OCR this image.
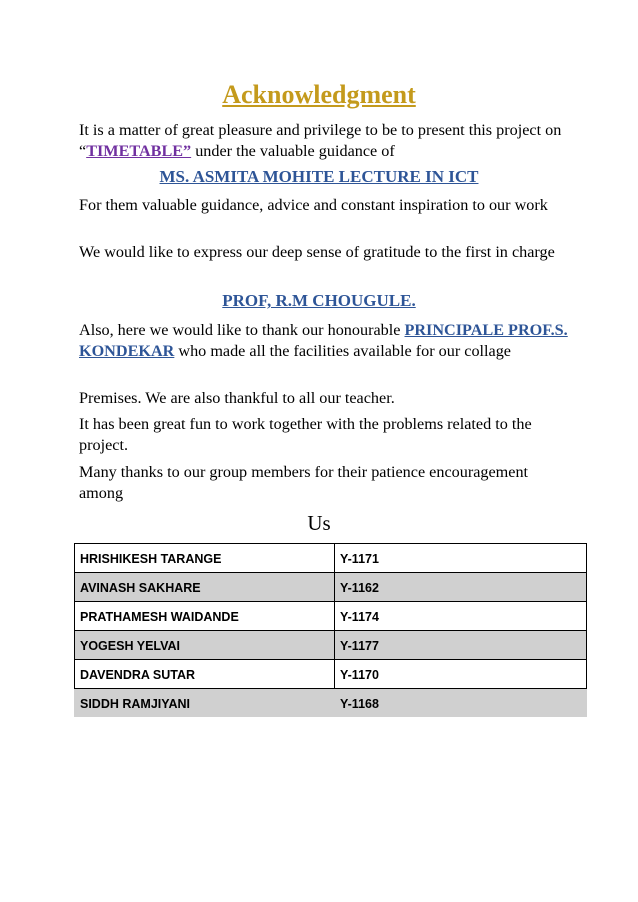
Acknowledgment

It is a matter of great pleasure and privilege to be to present this project on “TIMETABLE” under the valuable guidance of

MS. ASMITA MOHITE LECTURE IN ICT

For them valuable guidance, advice and constant inspiration to our work

We would like to express our deep sense of gratitude to the first in charge

PROF, R.M CHOUGULE.

Also, here we would like to thank our honourable PRINCIPALE PROF.S. KONDEKAR who made all the facilities available for our collage

Premises. We are also thankful to all our teacher.

It has been great fun to work together with the problems related to the project.

Many thanks to our group members for their patience encouragement among

Us
HRISHIKESH TARANGE	Y-1171
AVINASH SAKHARE	Y-1162
PRATHAMESH WAIDANDE	Y-1174
YOGESH YELVAI	Y-1177
DAVENDRA SUTAR	Y-1170
SIDDH RAMJIYANI	Y-1168
